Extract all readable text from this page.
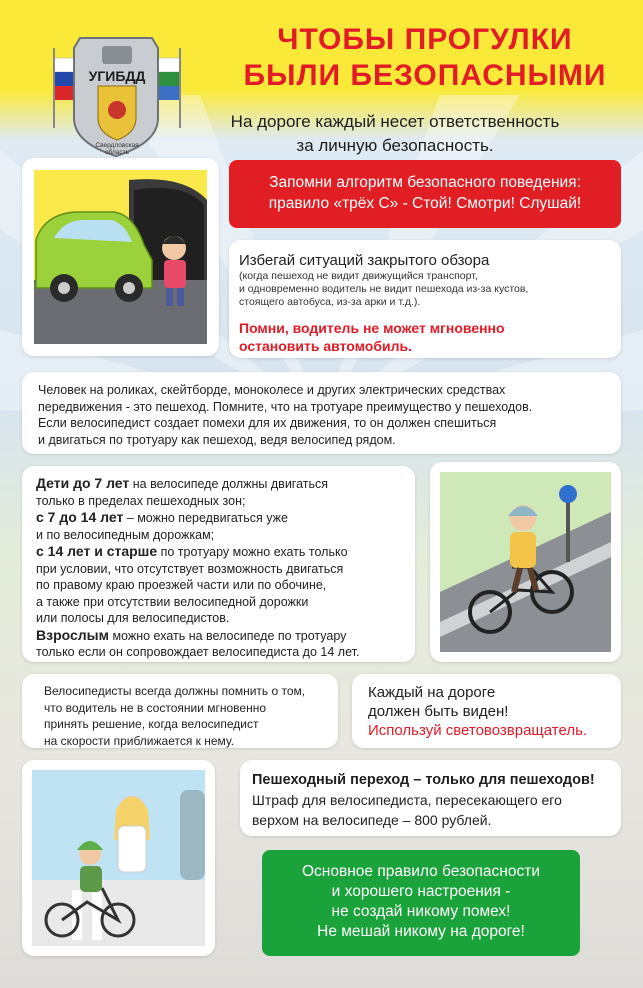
УГИБДД
Свердловская
область
ЧТОБЫ ПРОГУЛКИ
БЫЛИ БЕЗОПАСНЫМИ
На дороге каждый несет ответственность
за личную безопасность.
Запомни алгоритм безопасного поведения:
правило «трёх С» - Стой! Смотри! Слушай!
Избегай ситуаций закрытого обзора
(когда пешеход не видит движущийся транспорт,
и одновременно водитель не видит пешехода из-за кустов,
стоящего автобуса, из-за арки и т.д.).
Помни, водитель не может мгновенно
остановить автомобиль.
Человек на роликах, скейтборде, моноколесе и других электрических средствах
передвижения - это пешеход. Помните, что на тротуаре преимущество у пешеходов.
Если велосипедист создает помехи для их движения, то он должен спешиться
и двигаться по тротуару как пешеход, ведя велосипед рядом.
Дети до 7 лет на велосипеде должны двигаться
только в пределах пешеходных зон;
с 7 до 14 лет – можно передвигаться уже
и по велосипедным дорожкам;
с 14 лет и старше по тротуару можно ехать только
при условии, что отсутствует возможность двигаться
по правому краю проезжей части или по обочине,
а также при отсутствии велосипедной дорожки
или полосы для велосипедистов.
Взрослым можно ехать на велосипеде по тротуару
только если он сопровождает велосипедиста до 14 лет.
Велосипедисты всегда должны помнить о том,
что водитель не в состоянии мгновенно
принять решение, когда велосипедист
на скорости приближается к нему.
Каждый на дороге
должен быть виден!
Используй световозвращатель.
Пешеходный переход – только для пешеходов!
Штраф для велосипедиста, пересекающего его
верхом на велосипеде – 800 рублей.
Основное правило безопасности
и хорошего настроения -
не создай никому помех!
Не мешай никому на дороге!
